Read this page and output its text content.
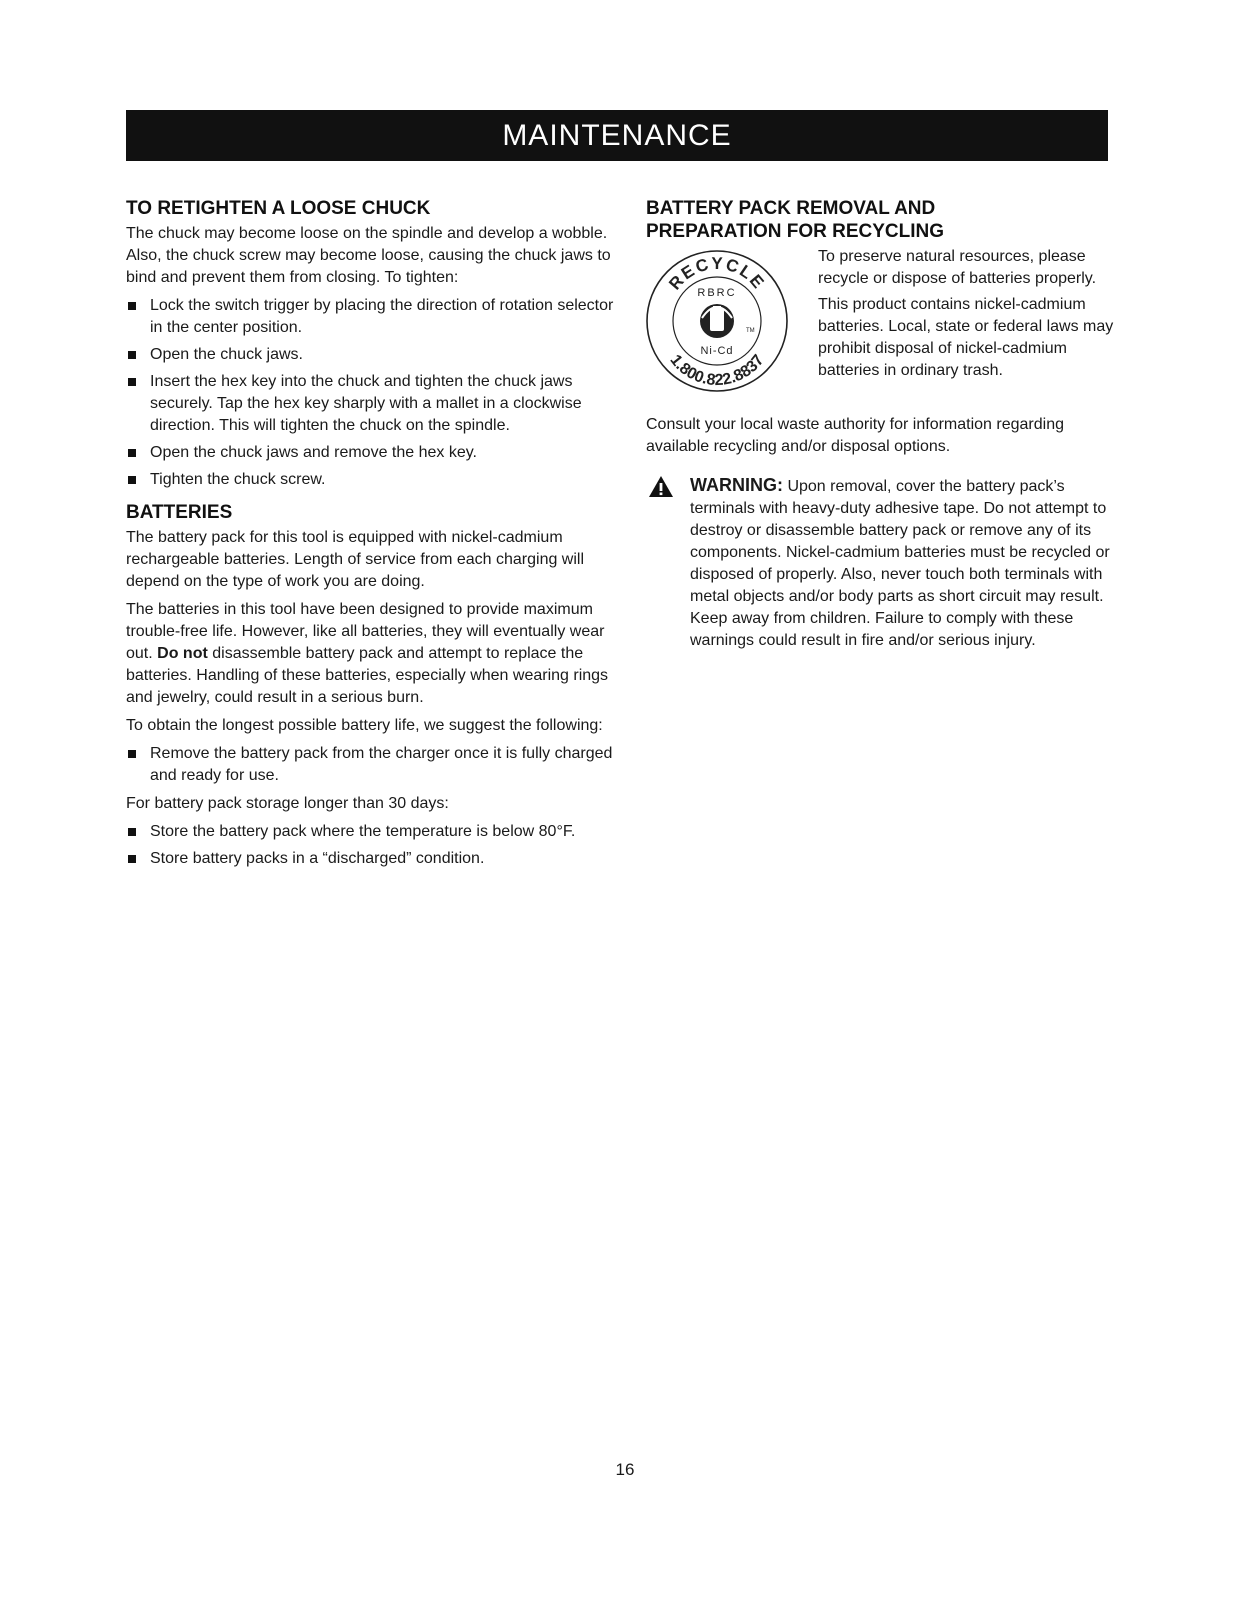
MAINTENANCE
TO RETIGHTEN A LOOSE CHUCK

The chuck may become loose on the spindle and develop a wobble. Also, the chuck screw may become loose, causing the chuck jaws to bind and prevent them from closing. To tighten:

Lock the switch trigger by placing the direction of rotation selector in the center position.
Open the chuck jaws.
Insert the hex key into the chuck and tighten the chuck jaws securely. Tap the hex key sharply with a mallet in a clockwise direction. This will tighten the chuck on the spindle.
Open the chuck jaws and remove the hex key.
Tighten the chuck screw.
BATTERIES

The battery pack for this tool is equipped with nickel-cadmium rechargeable batteries. Length of service from each charging will depend on the type of work you are doing.

The batteries in this tool have been designed to provide maximum trouble-free life. However, like all batteries, they will eventually wear out. Do not disassemble battery pack and attempt to replace the batteries. Handling of these batteries, especially when wearing rings and jewelry, could result in a serious burn.

To obtain the longest possible battery life, we suggest the following:

Remove the battery pack from the charger once it is fully charged and ready for use.

For battery pack storage longer than 30 days:

Store the battery pack where the temperature is below 80°F.
Store battery packs in a “discharged” condition.
BATTERY PACK REMOVAL AND
PREPARATION FOR RECYCLING
RECYCLE
1.800.822.8837
RBRC
TM
Ni-Cd

To preserve natural resources, please recycle or dispose of batteries properly.

This product contains nickel-cadmium batteries. Local, state or federal laws may prohibit disposal of nickel-cadmium batteries in ordinary trash.

Consult your local waste authority for information regarding available recycling and/or disposal options.

WARNING: Upon removal, cover the battery pack’s terminals with heavy-duty adhesive tape. Do not attempt to destroy or disassemble battery pack or remove any of its components. Nickel-cadmium batteries must be recycled or disposed of properly. Also, never touch both terminals with metal objects and/or body parts as short circuit may result. Keep away from children. Failure to comply with these warnings could result in fire and/or serious injury.

16
